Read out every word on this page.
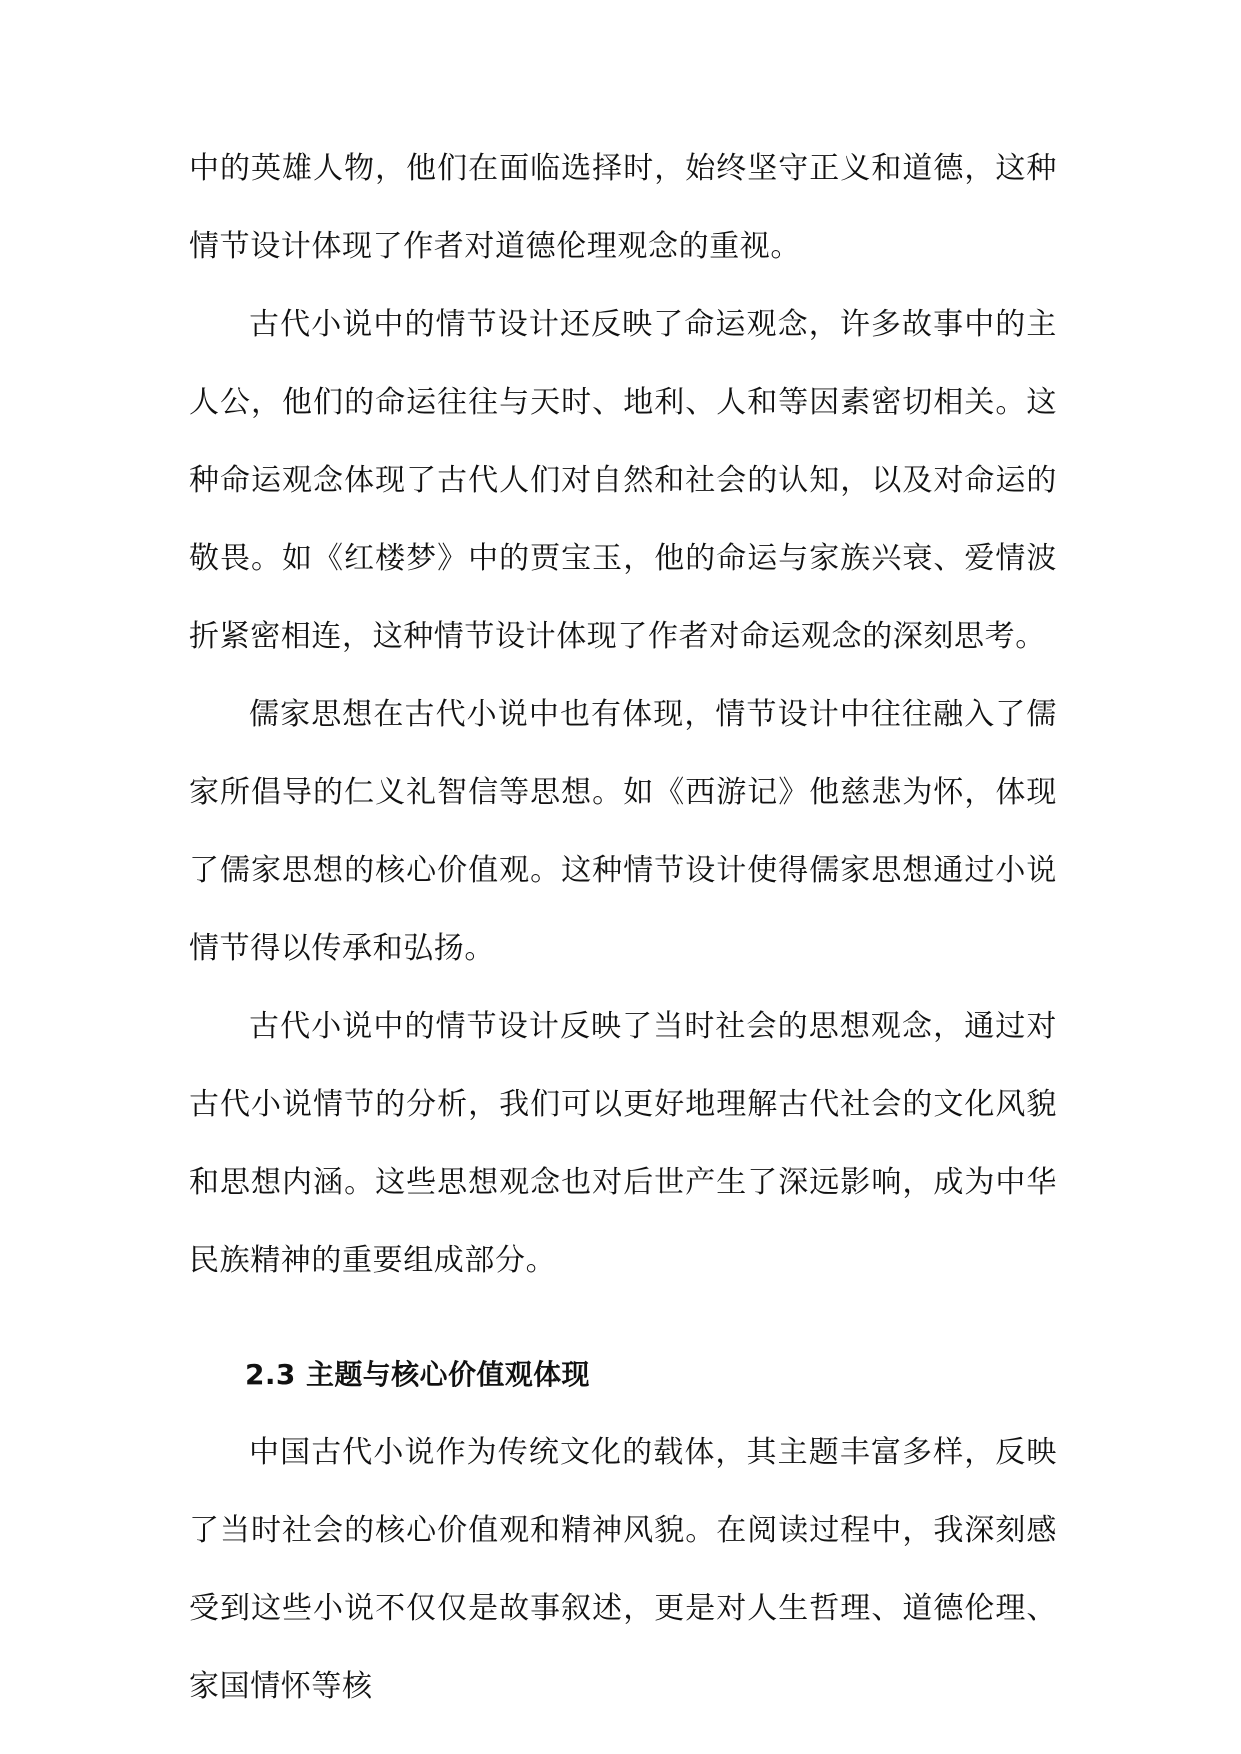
中的英雄人物，他们在面临选择时，始终坚守正义和道德，这种情节设计体现了作者对道德伦理观念的重视。

古代小说中的情节设计还反映了命运观念，许多故事中的主人公，他们的命运往往与天时、地利、人和等因素密切相关。这种命运观念体现了古代人们对自然和社会的认知，以及对命运的敬畏。如《红楼梦》中的贾宝玉，他的命运与家族兴衰、爱情波折紧密相连，这种情节设计体现了作者对命运观念的深刻思考。

儒家思想在古代小说中也有体现，情节设计中往往融入了儒家所倡导的仁义礼智信等思想。如《西游记》他慈悲为怀，体现了儒家思想的核心价值观。这种情节设计使得儒家思想通过小说情节得以传承和弘扬。

古代小说中的情节设计反映了当时社会的思想观念，通过对古代小说情节的分析，我们可以更好地理解古代社会的文化风貌和思想内涵。这些思想观念也对后世产生了深远影响，成为中华民族精神的重要组成部分。

2.3 主题与核心价值观体现

中国古代小说作为传统文化的载体，其主题丰富多样，反映了当时社会的核心价值观和精神风貌。在阅读过程中，我深刻感受到这些小说不仅仅是故事叙述，更是对人生哲理、道德伦理、家国情怀等核
